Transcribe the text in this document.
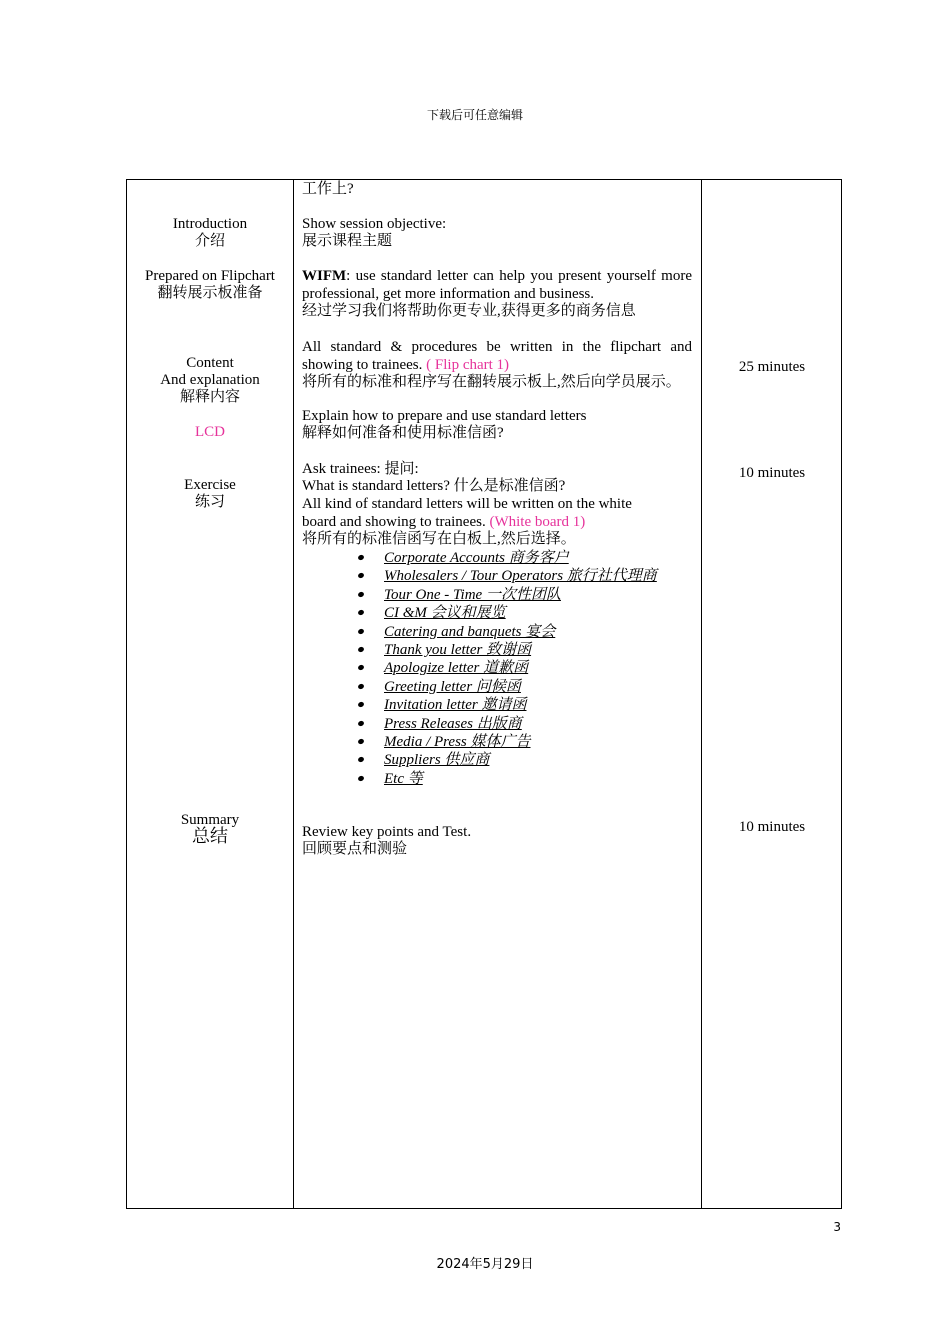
下载后可任意编辑
Introduction
介绍
Prepared on Flipchart
翻转展示板准备
Content
And explanation
解释内容
LCD
Exercise
练习
Summary
总结
工作上?
Show session objective:
展示课程主题
WIFM: use standard letter can help you present yourself more professional, get more information and business.
经过学习我们将帮助你更专业,获得更多的商务信息
All standard & procedures be written in the flipchart and showing to trainees. ( Flip chart 1)
将所有的标准和程序写在翻转展示板上,然后向学员展示。
Explain how to prepare and use standard letters
解释如何准备和使用标准信函?
Ask trainees: 提问:
What is standard letters? 什么是标准信函?
All kind of standard letters will be written on the white board and showing to trainees. (White board 1)
将所有的标准信函写在白板上,然后选择。
Corporate Accounts 商务客户
Wholesalers / Tour Operators 旅行社代理商
Tour One - Time 一次性团队
CI &M 会议和展览
Catering and banquets 宴会
Thank you letter 致谢函
Apologize letter 道歉函
Greeting letter 问候函
Invitation letter 邀请函
Press Releases 出版商
Media / Press 媒体广告
Suppliers 供应商
Etc 等
Review key points and Test.
回顾要点和测验
25 minutes
10 minutes
10 minutes
3
2024年5月29日
